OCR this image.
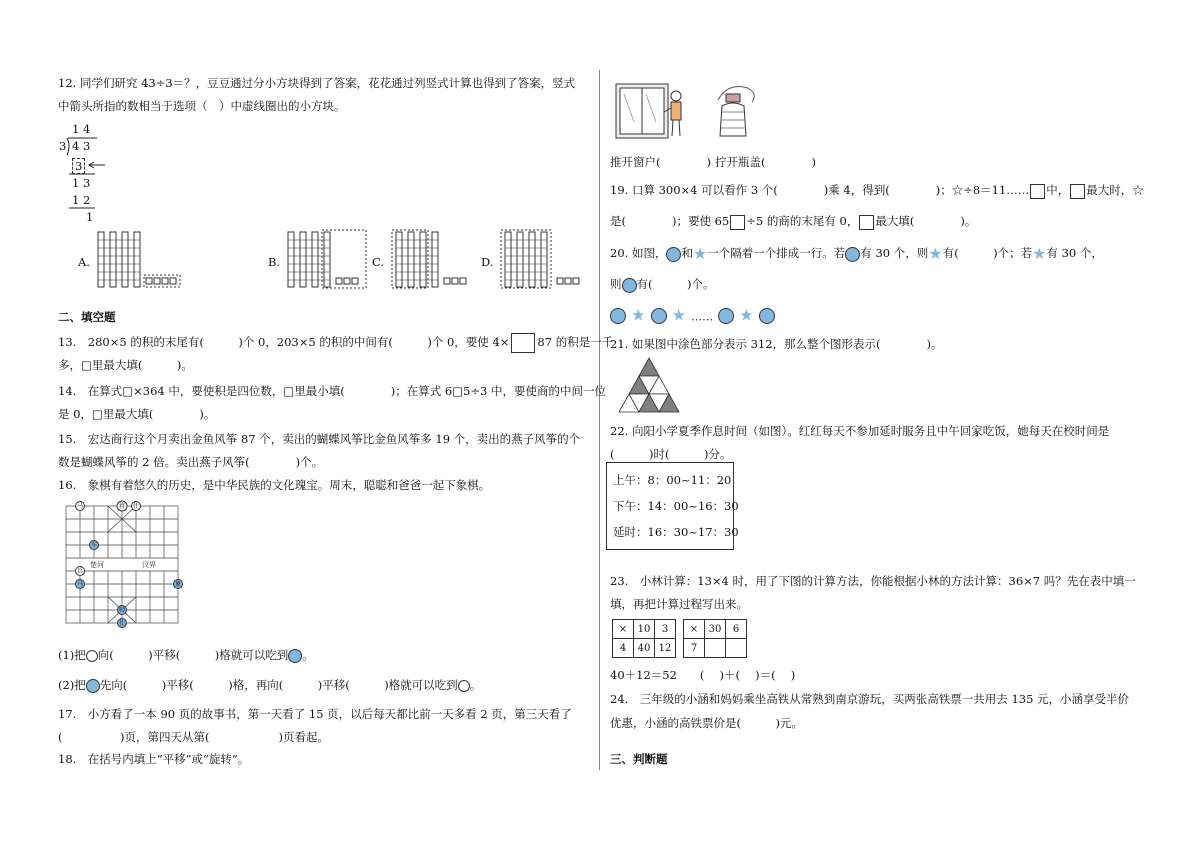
12. 同学们研究 43÷3＝？，豆豆通过分小方块得到了答案，花花通过列竖式计算也得到了答案，竖式
中箭头所指的数相当于选项（　）中虚线圈出的小方块。
1 4
3 4 3
3
1 3
1 2
1
A.	B.	C.	D.
二、填空题
13.　280×5 的积的末尾有(　　　)个 0，203×5 的积的中间有(　　　)个 0，要使 4× 87 的积是一千
多，□里最大填(　　　)。
14.　在算式□×364 中，要使积是四位数，□里最小填(　　　　)；在算式 6□5÷3 中，要使商的中间一位
是 0，□里最大填(　　　　)。
15.　宏达商行这个月卖出金鱼风筝 87 个，卖出的蝴蝶风筝比金鱼风筝多 19 个，卖出的燕子风筝的个
数是蝴蝶风筝的 2 倍。卖出燕子风筝(　　　　)个。
16.　象棋有着悠久的历史，是中华民族的文化瑰宝。周末，聪聪和爸爸一起下象棋。
楚河	汉界
马	将 仕
车
兵
马	象
帅
仕
(1)把 向(　　　)平移(　　　)格就可以吃到 。
(2)把 先向(　　　)平移(　　　)格，再向(　　　)平移(　　　)格就可以吃到 。
17.　小方看了一本 90 页的故事书，第一天看了 15 页，以后每天都比前一天多看 2 页，第三天看了
(　　　　　)页，第四天从第(　　　　　　)页看起。
18.　在括号内填上“平移”或“旋转”。
推开窗户(　　　　) 拧开瓶盖(　　　　)
19. 口算 300×4 可以看作 3 个(　　　　)乘 4，得到(　　　　)；☆÷8＝11…… 中， 最大时，☆
是(　　　　)；要使 65 ÷5 的商的末尾有 0， 最大填(　　　　)。
20. 如图， 和★一个隔着一个排成一行。若 有 30 个，则★有(　　　)个；若★有 30 个，
则 有(　　　)个。
★ ★ …… ★
21. 如果图中涂色部分表示 312，那么整个图形表示(　　　　)。
22. 向阳小学夏季作息时间（如图）。红红每天不参加延时服务且中午回家吃饭，她每天在校时间是
(　　　)时(　　　)分。
上午：8：00~11：20
下午：14：00~16：30
延时：16：30~17：30
23.　小林计算：13×4 时，用了下图的计算方法，你能根据小林的方法计算：36×7 吗？先在表中填一
填，再把计算过程写出来。
×	10	3
4	40	12
×	30	6
7		
40＋12＝52　　(　 )＋(　 )＝(　 )
24.　三年级的小涵和妈妈乘坐高铁从常熟到南京游玩，买两张高铁票一共用去 135 元，小涵享受半价
优惠，小涵的高铁票价是(　　　)元。
三、判断题
